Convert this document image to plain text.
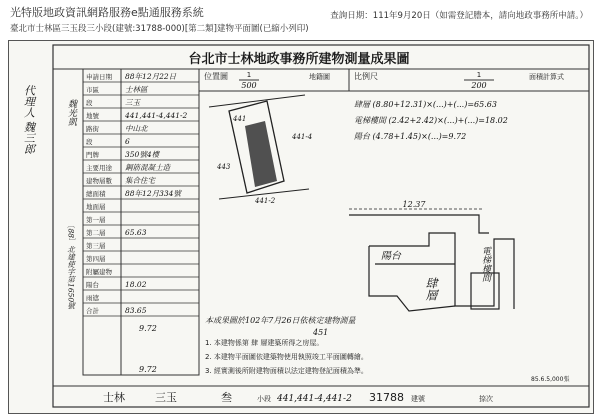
光特版地政資訊網路服務e點通服務系統	查詢日期：111年9月20日（如需登記謄本，請向地政事務所申請。）
臺北市士林區三玉段三小段(建號:31788-000)[第二類]建物平面圖(已縮小列印)
台北市士林地政事務所建物測量成果圖
位置圖	1
500
地籍圖	比例尺	1
200
面積計算式
代理人 魏三郎	魏光凱
〔88〕北建使字第1650號
申請日期 88年12月22日
市區	士林區
段	三玉
地號	441,441-4,441-2
路街	中山北
段	6
門牌	350號4樓
主要用途 鋼筋混凝土造
建物層數 集合住宅
總面積	88年12月334號
地面層
第一層
第二層	65.63
第三層
第四層
附屬建物
陽台	18.02
雨遮
合計	83.65
9.72
9.72
441
441-4
443
441-2
肆層 (8.80+12.31)×(...)+(...)=65.63
電梯樓間 (2.42+2.42)×(...)+(...)=18.02
陽台 (4.78+1.45)×(...)=9.72
12.37
陽台
肆層
電梯樓間
本成果圖於102年7月26日依核定建物測量
1. 本建物係第 肆 層建築所得之房屋。
2. 本建物平面圖依建築物使用執照竣工平面圖轉繪。
3. 經實測後所附建物面積以法定建物登記面積為準。
451
士林	三玉	叁	小段 441,441-4,441-2 31788 建號	捺次
85.6.5,000張
